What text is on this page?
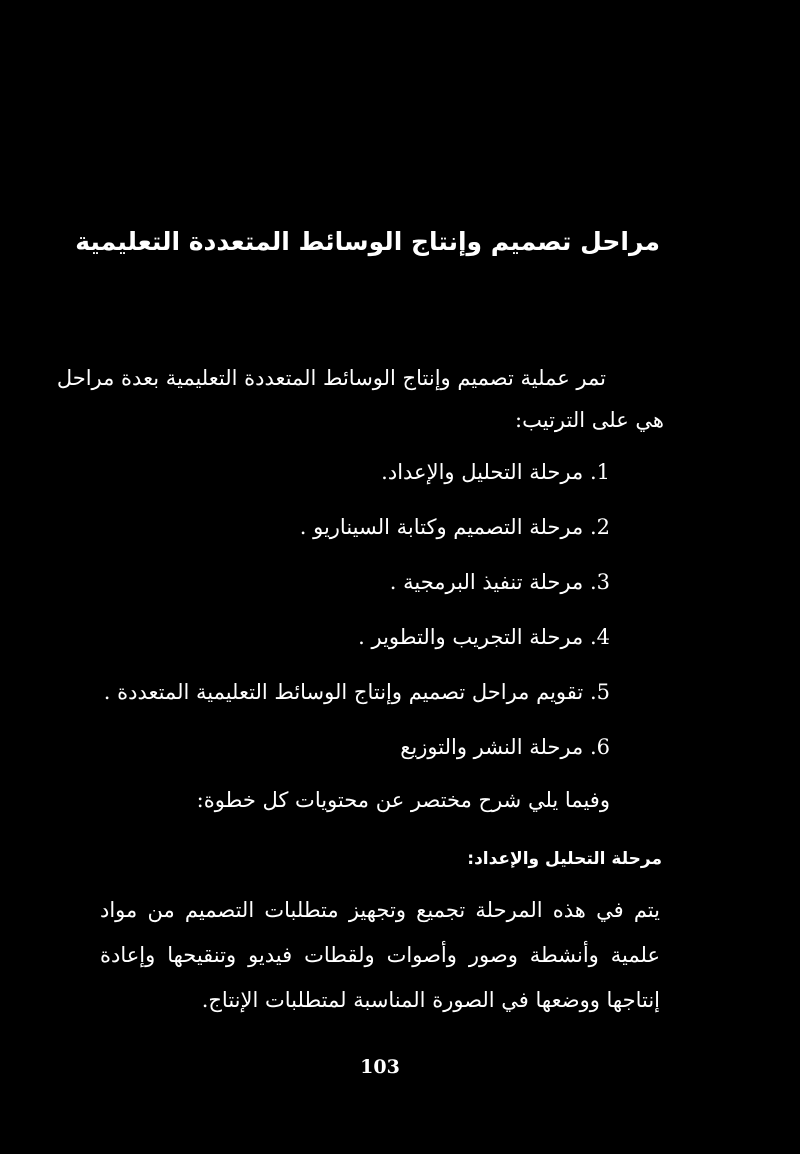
مراحل تصميم وإنتاج الوسائط المتعددة التعليمية
تمر عملية تصميم وإنتاج الوسائط المتعددة التعليمية بعدة مراحل
هي على الترتيب:
1. مرحلة التحليل والإعداد.
2. مرحلة التصميم وكتابة السيناريو .
3. مرحلة تنفيذ البرمجية .
4. مرحلة التجريب والتطوير .
5. تقويم مراحل تصميم وإنتاج الوسائط التعليمية المتعددة .
6. مرحلة النشر والتوزيع
وفيما يلي شرح مختصر عن محتويات كل خطوة:
مرحلة التحليل والإعداد:
يتم في هذه المرحلة تجميع وتجهيز متطلبات التصميم من مواد
علمية وأنشطة وصور وأصوات ولقطات فيديو وتنقيحها وإعادة
إنتاجها ووضعها في الصورة المناسبة لمتطلبات الإنتاج.
103
